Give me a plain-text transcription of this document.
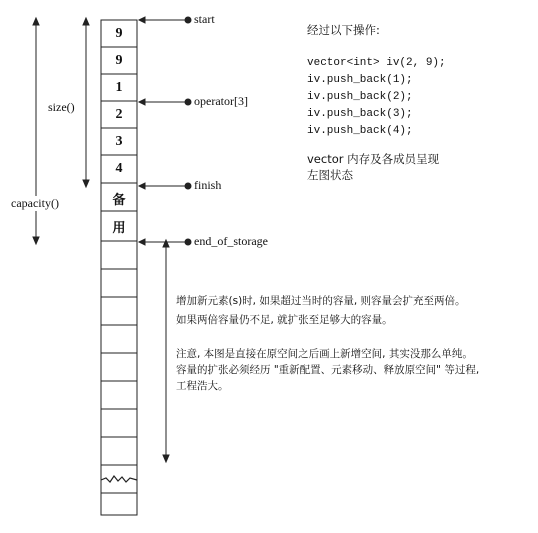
9
9
1
2
3
4
备
用
start
operator[3]
finish
end_of_storage
size()
capacity()
经过以下操作:
vector<int> iv(2, 9);
iv.push_back(1);
iv.push_back(2);
iv.push_back(3);
iv.push_back(4);
vector 内存及各成员呈现
左图状态
增加新元素(s)时, 如果超过当时的容量, 则容量会扩充至两倍。
如果两倍容量仍不足, 就扩张至足够大的容量。
注意, 本图是直接在原空间之后画上新增空间, 其实没那么单纯。
容量的扩张必须经历 "重新配置、元素移动、释放原空间" 等过程,
工程浩大。
